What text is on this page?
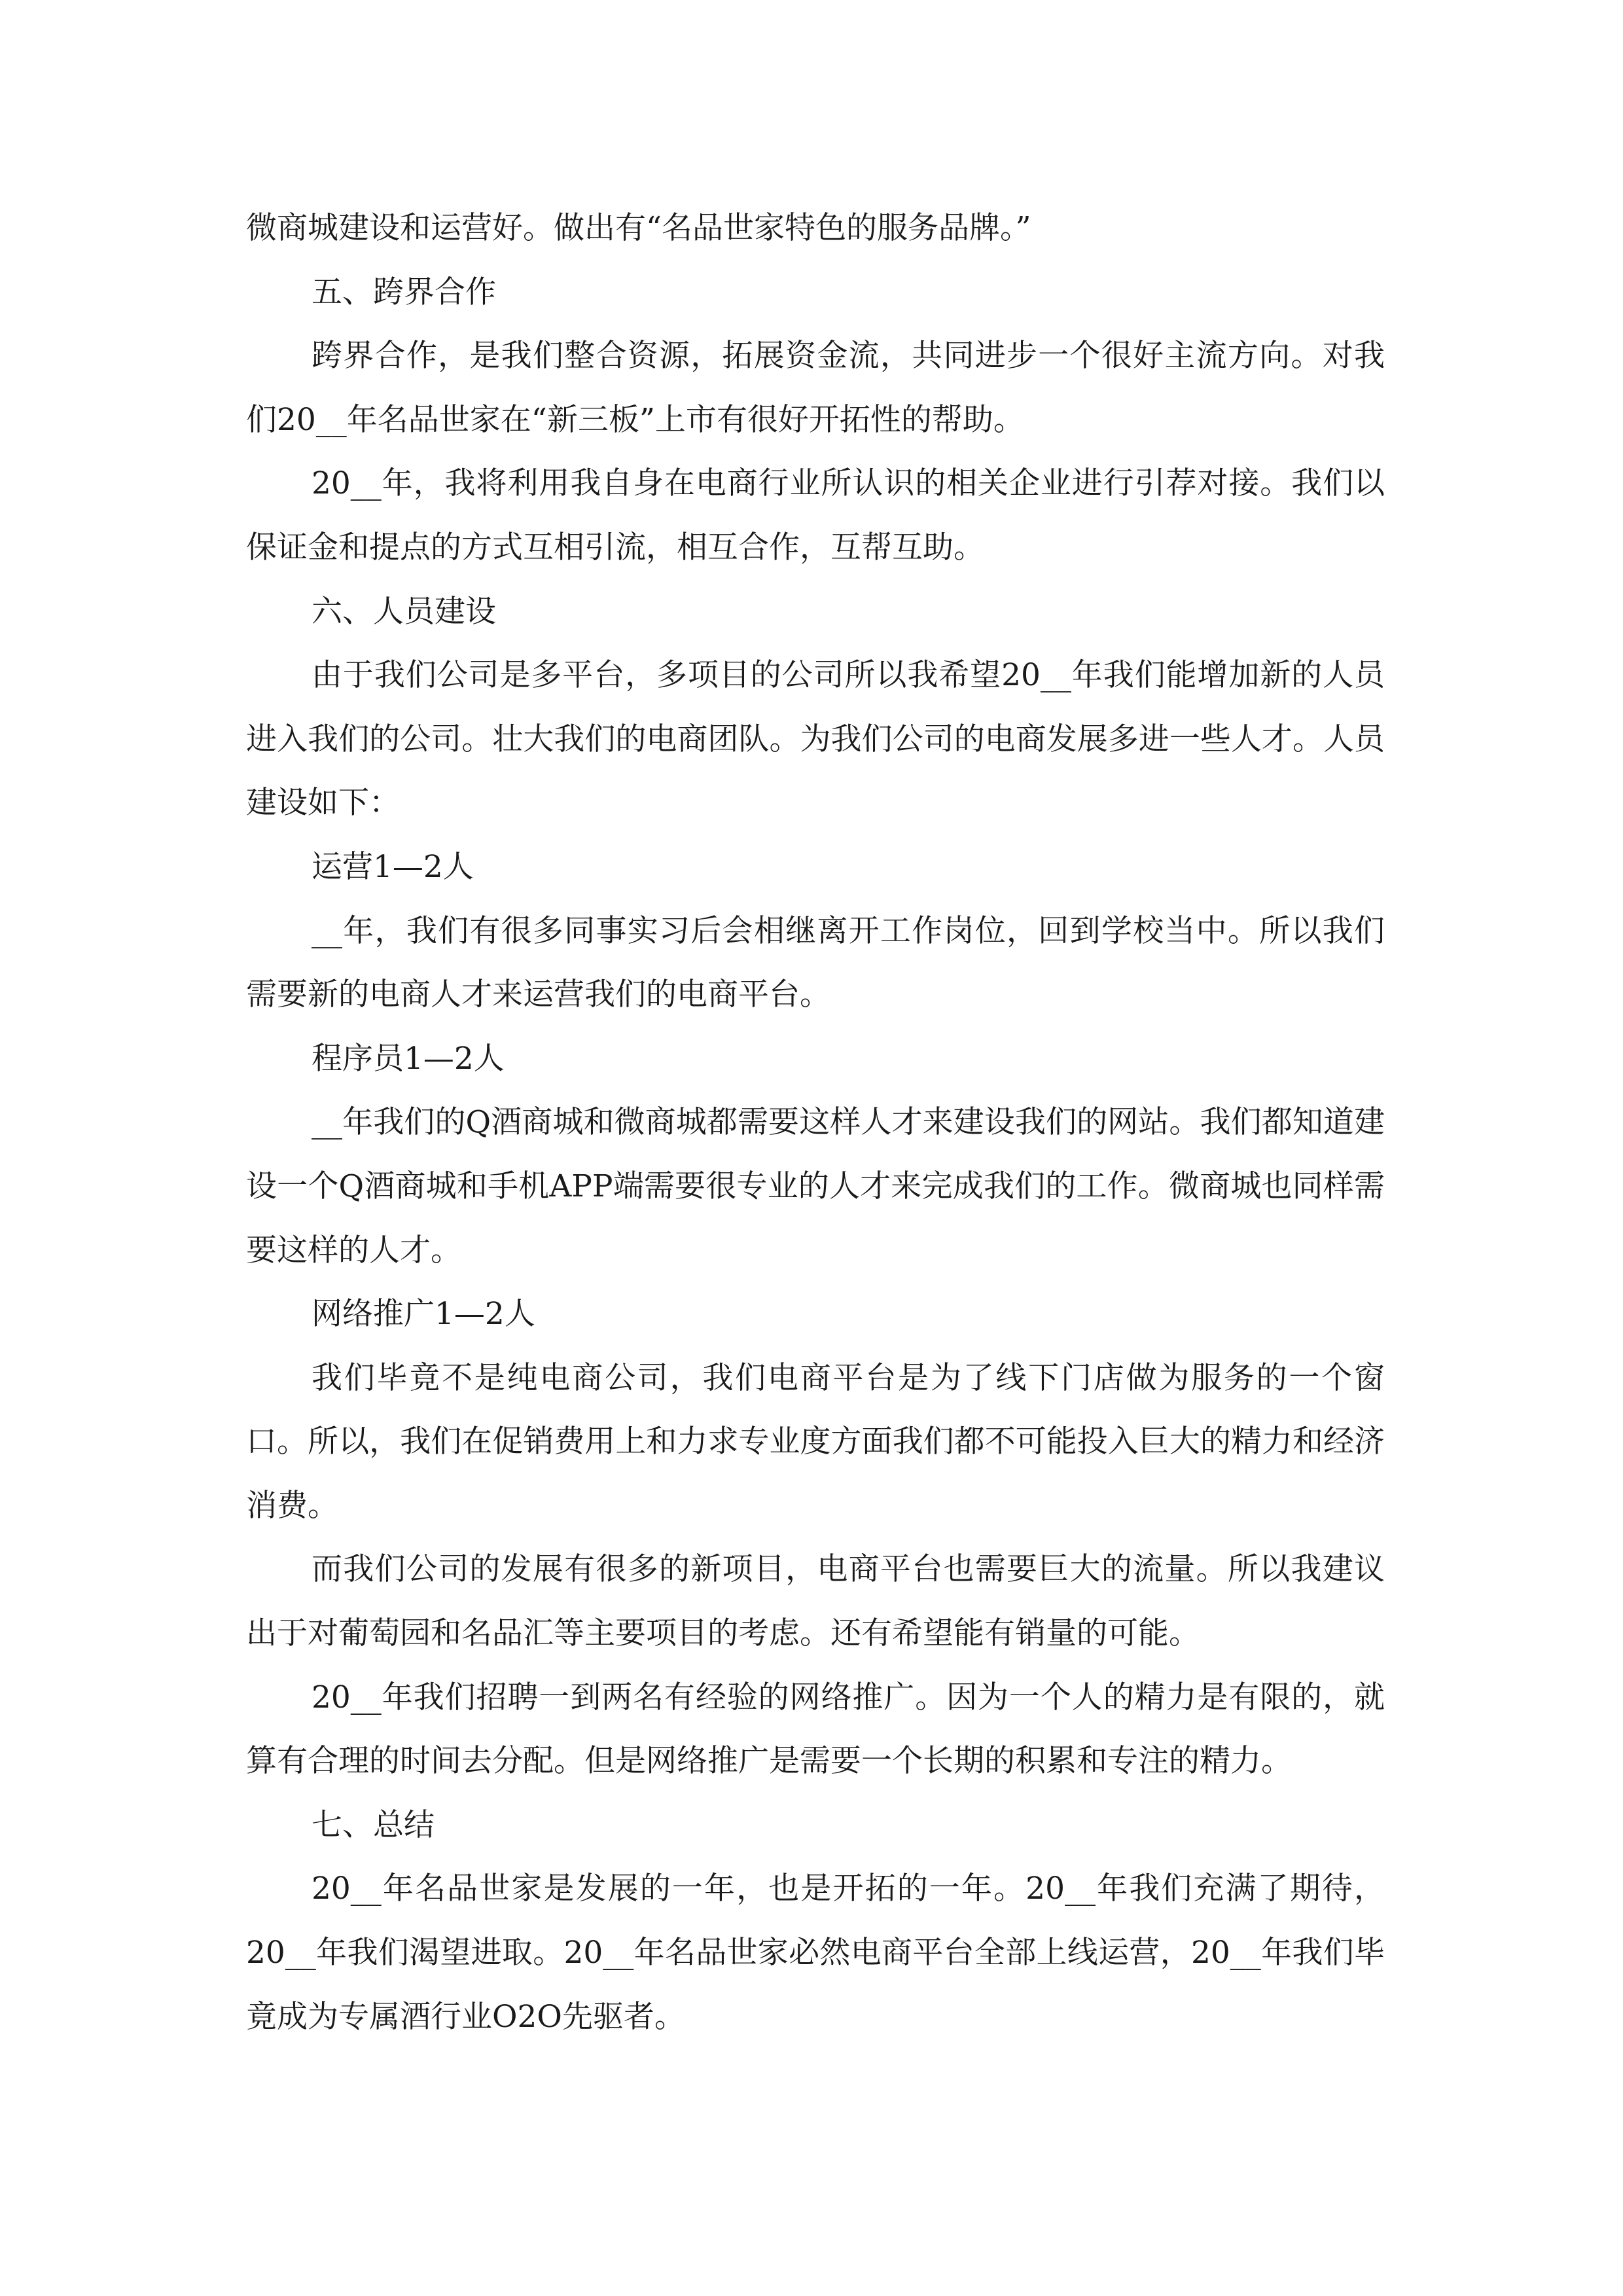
微商城建设和运营好。做出有“名品世家特色的服务品牌。”

五、跨界合作

跨界合作，是我们整合资源，拓展资金流，共同进步一个很好主流方向。对我们20__年名品世家在“新三板”上市有很好开拓性的帮助。

20__年，我将利用我自身在电商行业所认识的相关企业进行引荐对接。我们以保证金和提点的方式互相引流，相互合作，互帮互助。

六、人员建设

由于我们公司是多平台，多项目的公司所以我希望20__年我们能增加新的人员进入我们的公司。壮大我们的电商团队。为我们公司的电商发展多进一些人才。人员建设如下：

运营1—2人

__年，我们有很多同事实习后会相继离开工作岗位，回到学校当中。所以我们需要新的电商人才来运营我们的电商平台。

程序员1—2人

__年我们的Q酒商城和微商城都需要这样人才来建设我们的网站。我们都知道建设一个Q酒商城和手机APP端需要很专业的人才来完成我们的工作。微商城也同样需要这样的人才。

网络推广1—2人

我们毕竟不是纯电商公司，我们电商平台是为了线下门店做为服务的一个窗口。所以，我们在促销费用上和力求专业度方面我们都不可能投入巨大的精力和经济消费。

而我们公司的发展有很多的新项目，电商平台也需要巨大的流量。所以我建议出于对葡萄园和名品汇等主要项目的考虑。还有希望能有销量的可能。

20__年我们招聘一到两名有经验的网络推广。因为一个人的精力是有限的，就算有合理的时间去分配。但是网络推广是需要一个长期的积累和专注的精力。

七、总结

20__年名品世家是发展的一年，也是开拓的一年。20__年我们充满了期待，20__年我们渴望进取。20__年名品世家必然电商平台全部上线运营，20__年我们毕竟成为专属酒行业O2O先驱者。
